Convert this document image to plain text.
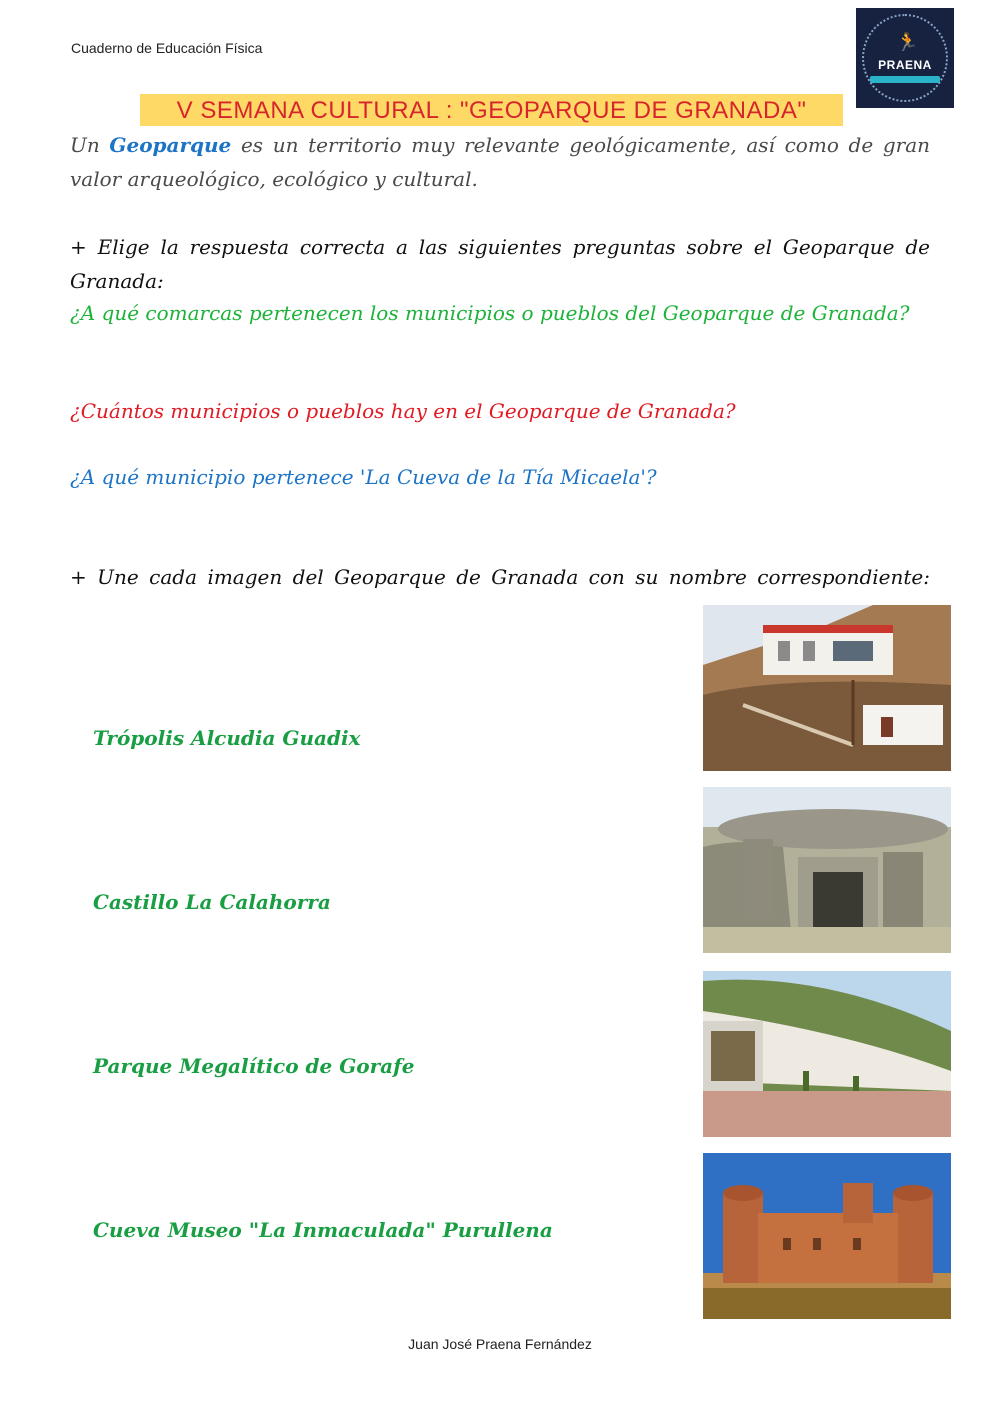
Cuaderno de Educación Física	🏃
PRAENA
V SEMANA CULTURAL : "GEOPARQUE DE GRANADA"
Un Geoparque es un territorio muy relevante geológicamente, así como de gran valor arqueológico, ecológico y cultural.
+ Elige la respuesta correcta a las siguientes preguntas sobre el Geoparque de Granada:
¿A qué comarcas pertenecen los municipios o pueblos del Geoparque de Granada?
¿Cuántos municipios o pueblos hay en el Geoparque de Granada?
¿A qué municipio pertenece 'La Cueva de la Tía Micaela'?
+ Une cada imagen del Geoparque de Granada con su nombre correspondiente:
Trópolis Alcudia Guadix
Castillo La Calahorra
Parque Megalítico de Gorafe
Cueva Museo "La Inmaculada" Purullena
Juan José Praena Fernández
